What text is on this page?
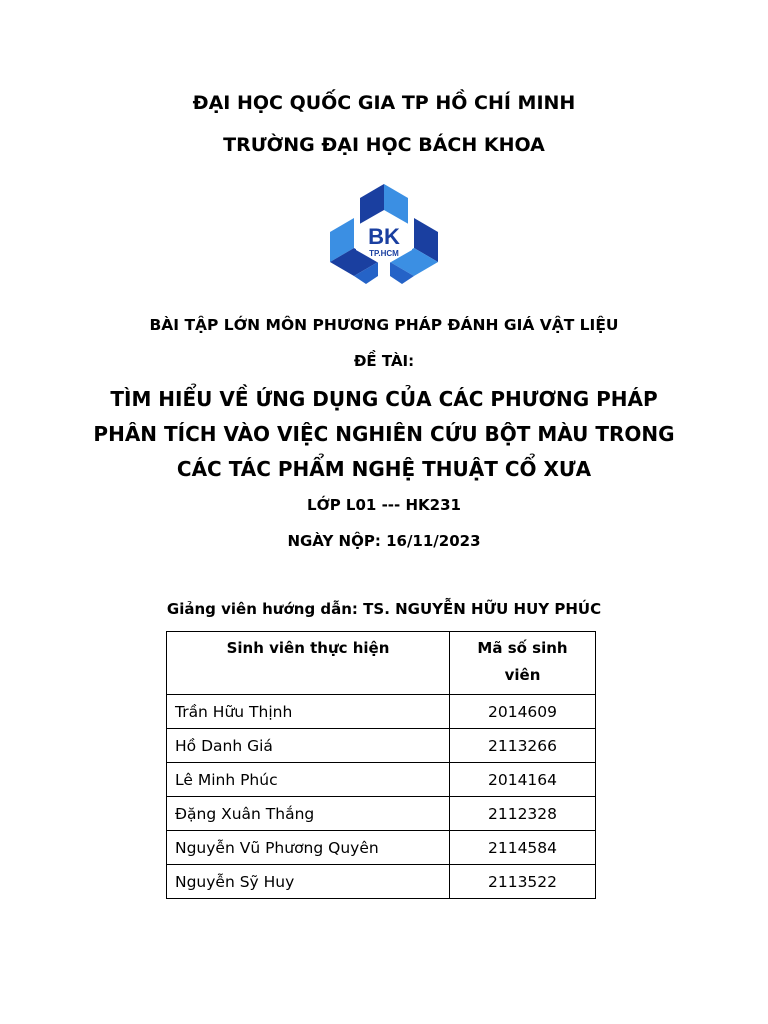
ĐẠI HỌC QUỐC GIA TP HỒ CHÍ MINH
TRƯỜNG ĐẠI HỌC BÁCH KHOA
BK
TP.HCM
BÀI TẬP LỚN MÔN PHƯƠNG PHÁP ĐÁNH GIÁ VẬT LIỆU
ĐỀ TÀI:
TÌM HIỂU VỀ ỨNG DỤNG CỦA CÁC PHƯƠNG PHÁP
PHÂN TÍCH VÀO VIỆC NGHIÊN CỨU BỘT MÀU TRONG
CÁC TÁC PHẨM NGHỆ THUẬT CỔ XƯA
LỚP L01 --- HK231
NGÀY NỘP: 16/11/2023
Giảng viên hướng dẫn: TS. NGUYỄN HỮU HUY PHÚC
Sinh viên thực hiện	Mã số sinh viên
Trần Hữu Thịnh	2014609
Hồ Danh Giá	2113266
Lê Minh Phúc	2014164
Đặng Xuân Thắng	2112328
Nguyễn Vũ Phương Quyên	2114584
Nguyễn Sỹ Huy	2113522
